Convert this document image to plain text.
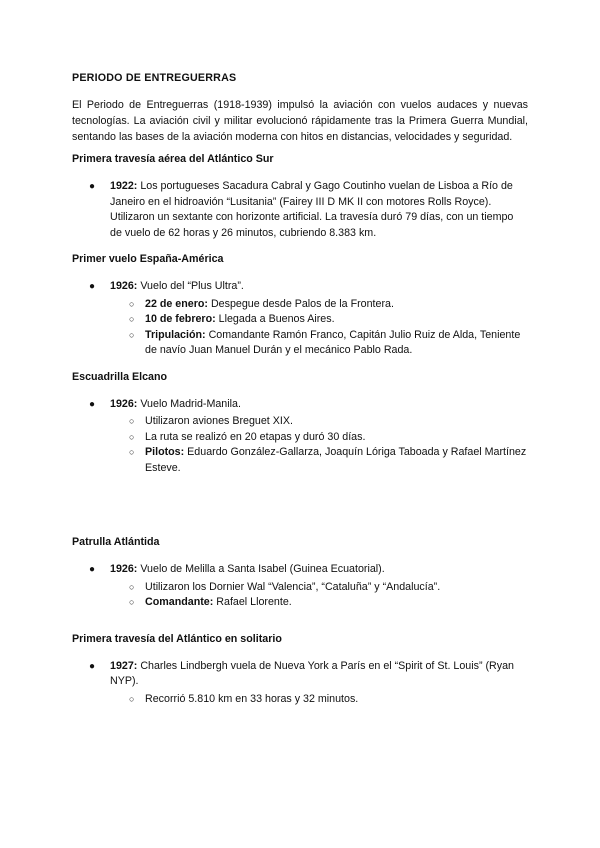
PERIODO DE ENTREGUERRAS

El Periodo de Entreguerras (1918-1939) impulsó la aviación con vuelos audaces y nuevas tecnologías. La aviación civil y militar evolucionó rápidamente tras la Primera Guerra Mundial, sentando las bases de la aviación moderna con hitos en distancias, velocidades y seguridad.

Primera travesía aérea del Atlántico Sur
● 1922: Los portugueses Sacadura Cabral y Gago Coutinho vuelan de Lisboa a Río de Janeiro en el hidroavión “Lusitania” (Fairey III D MK II con motores Rolls Royce). Utilizaron un sextante con horizonte artificial. La travesía duró 79 días, con un tiempo de vuelo de 62 horas y 26 minutos, cubriendo 8.383 km.
Primer vuelo España-América
● 1926: Vuelo del “Plus Ultra”.
○ 22 de enero: Despegue desde Palos de la Frontera.
○ 10 de febrero: Llegada a Buenos Aires.
○ Tripulación: Comandante Ramón Franco, Capitán Julio Ruiz de Alda, Teniente de navío Juan Manuel Durán y el mecánico Pablo Rada.
Escuadrilla Elcano
● 1926: Vuelo Madrid-Manila.
○ Utilizaron aviones Breguet XIX.
○ La ruta se realizó en 20 etapas y duró 30 días.
○ Pilotos: Eduardo González-Gallarza, Joaquín Lóriga Taboada y Rafael Martínez Esteve.
Patrulla Atlántida
● 1926: Vuelo de Melilla a Santa Isabel (Guinea Ecuatorial).
○ Utilizaron los Dornier Wal “Valencia”, “Cataluña” y “Andalucía”.
○ Comandante: Rafael Llorente.
Primera travesía del Atlántico en solitario
● 1927: Charles Lindbergh vuela de Nueva York a París en el “Spirit of St. Louis” (Ryan NYP).
○ Recorrió 5.810 km en 33 horas y 32 minutos.
